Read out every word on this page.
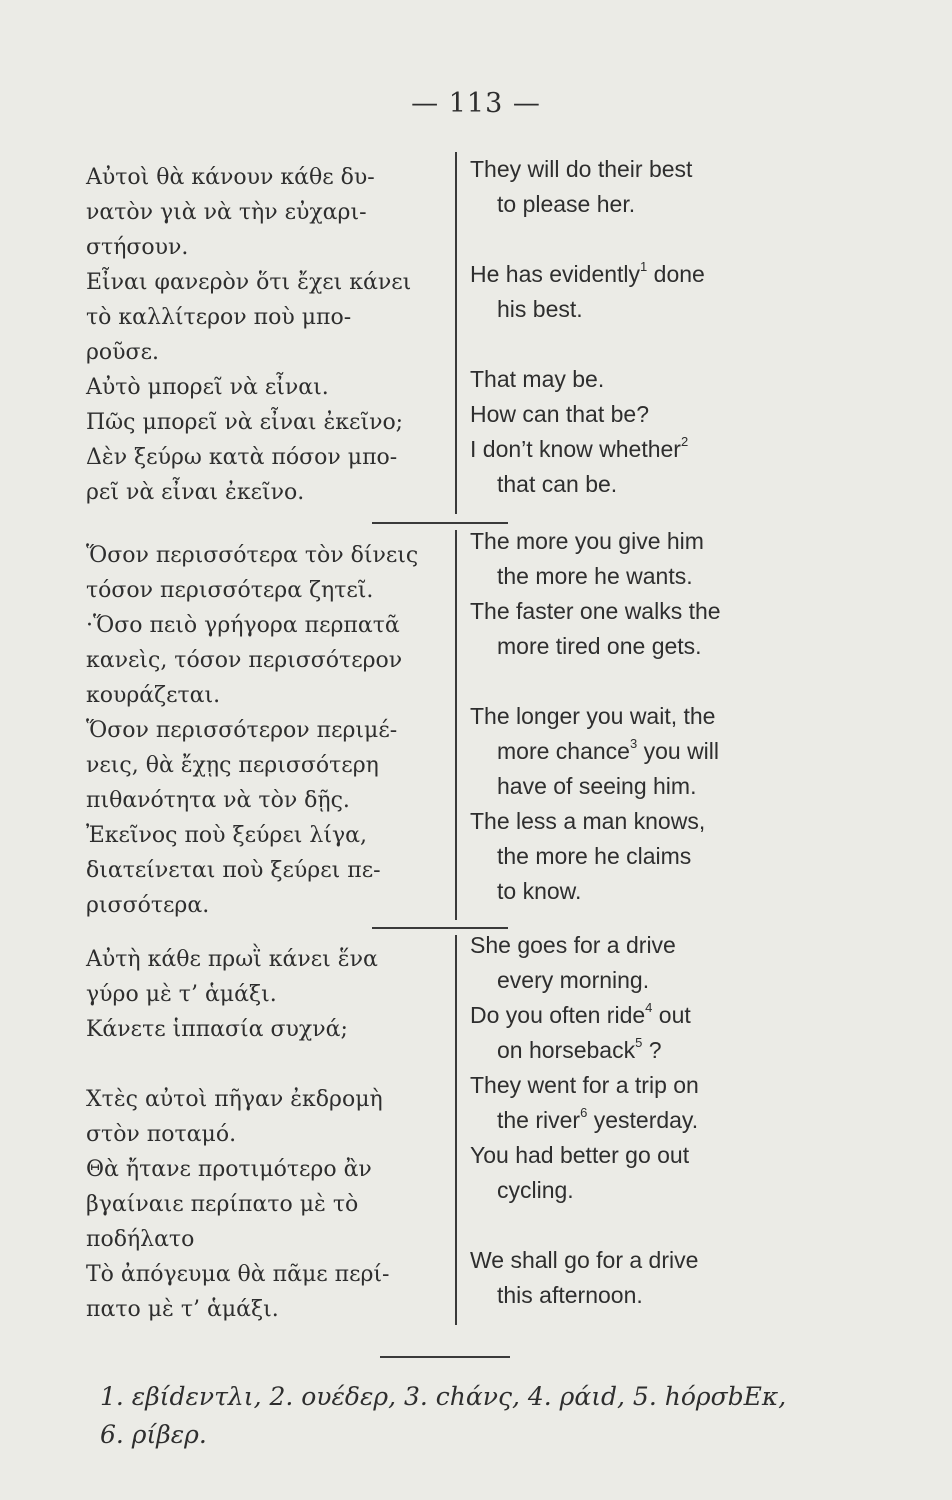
— 113 —
Αὐτοὶ θὰ κάνουν κάθε δυ-
νατὸν γιὰ νὰ τὴν εὐχαρι-
στήσουν.
Εἶναι φανερὸν ὅτι ἔχει κάνει
τὸ καλλίτερον ποὺ μπο-
ροῦσε.
Αὐτὸ μπορεῖ νὰ εἶναι.
Πῶς μπορεῖ νὰ εἶναι ἐκεῖνο;
Δὲν ξεύρω κατὰ πόσον μπο-
ρεῖ νὰ εἶναι ἐκεῖνο.
They will do their best
to please her.

He has evidently$^1$ done
his best.

That may be.
How can that be?
I don’t know whether$^2$
that can be.
Ὅσον περισσότερα τὸν δίνεις
τόσον περισσότερα ζητεῖ.
·Ὅσο πειὸ γρήγορα περπατᾶ
κανεὶς, τόσον περισσότερον
κουράζεται.
Ὅσον περισσότερον περιμέ-
νεις, θὰ ἔχῃς περισσότερη
πιθανότητα νὰ τὸν δῇς.
Ἐκεῖνος ποὺ ξεύρει λίγα,
διατείνεται ποὺ ξεύρει πε-
ρισσότερα.
The more you give him
the more he wants.
The faster one walks the
more tired one gets.

The longer you wait, the
more chance$^3$ you will
have of seeing him.
The less a man knows,
the more he claims
to know.
Αὐτὴ κάθε πρωῒ κάνει ἕνα
γύρο μὲ τ’ ἁμάξι.
Κάνετε ἱππασία συχνά;

Χτὲς αὐτοὶ πῆγαν ἐκδρομὴ
στὸν ποταμό.
Θὰ ἤτανε προτιμότερο ἂν
βγαίναιε περίπατο μὲ τὸ
ποδήλατο
Τὸ ἀπόγευμα θὰ πᾶμε περί-
πατο μὲ τ’ ἁμάξι.
She goes for a drive
every morning.
Do you often ride$^4$ out
on horseback$^5$ ?
They went for a trip on
the river$^6$ yesterday.
You had better go out
cycling.

We shall go for a drive
this afternoon.
1. εβίdεντλι, 2. ουέδερ, 3. chάνς, 4. ράιd, 5. hόρσbEκ,
6. ρίβερ.
